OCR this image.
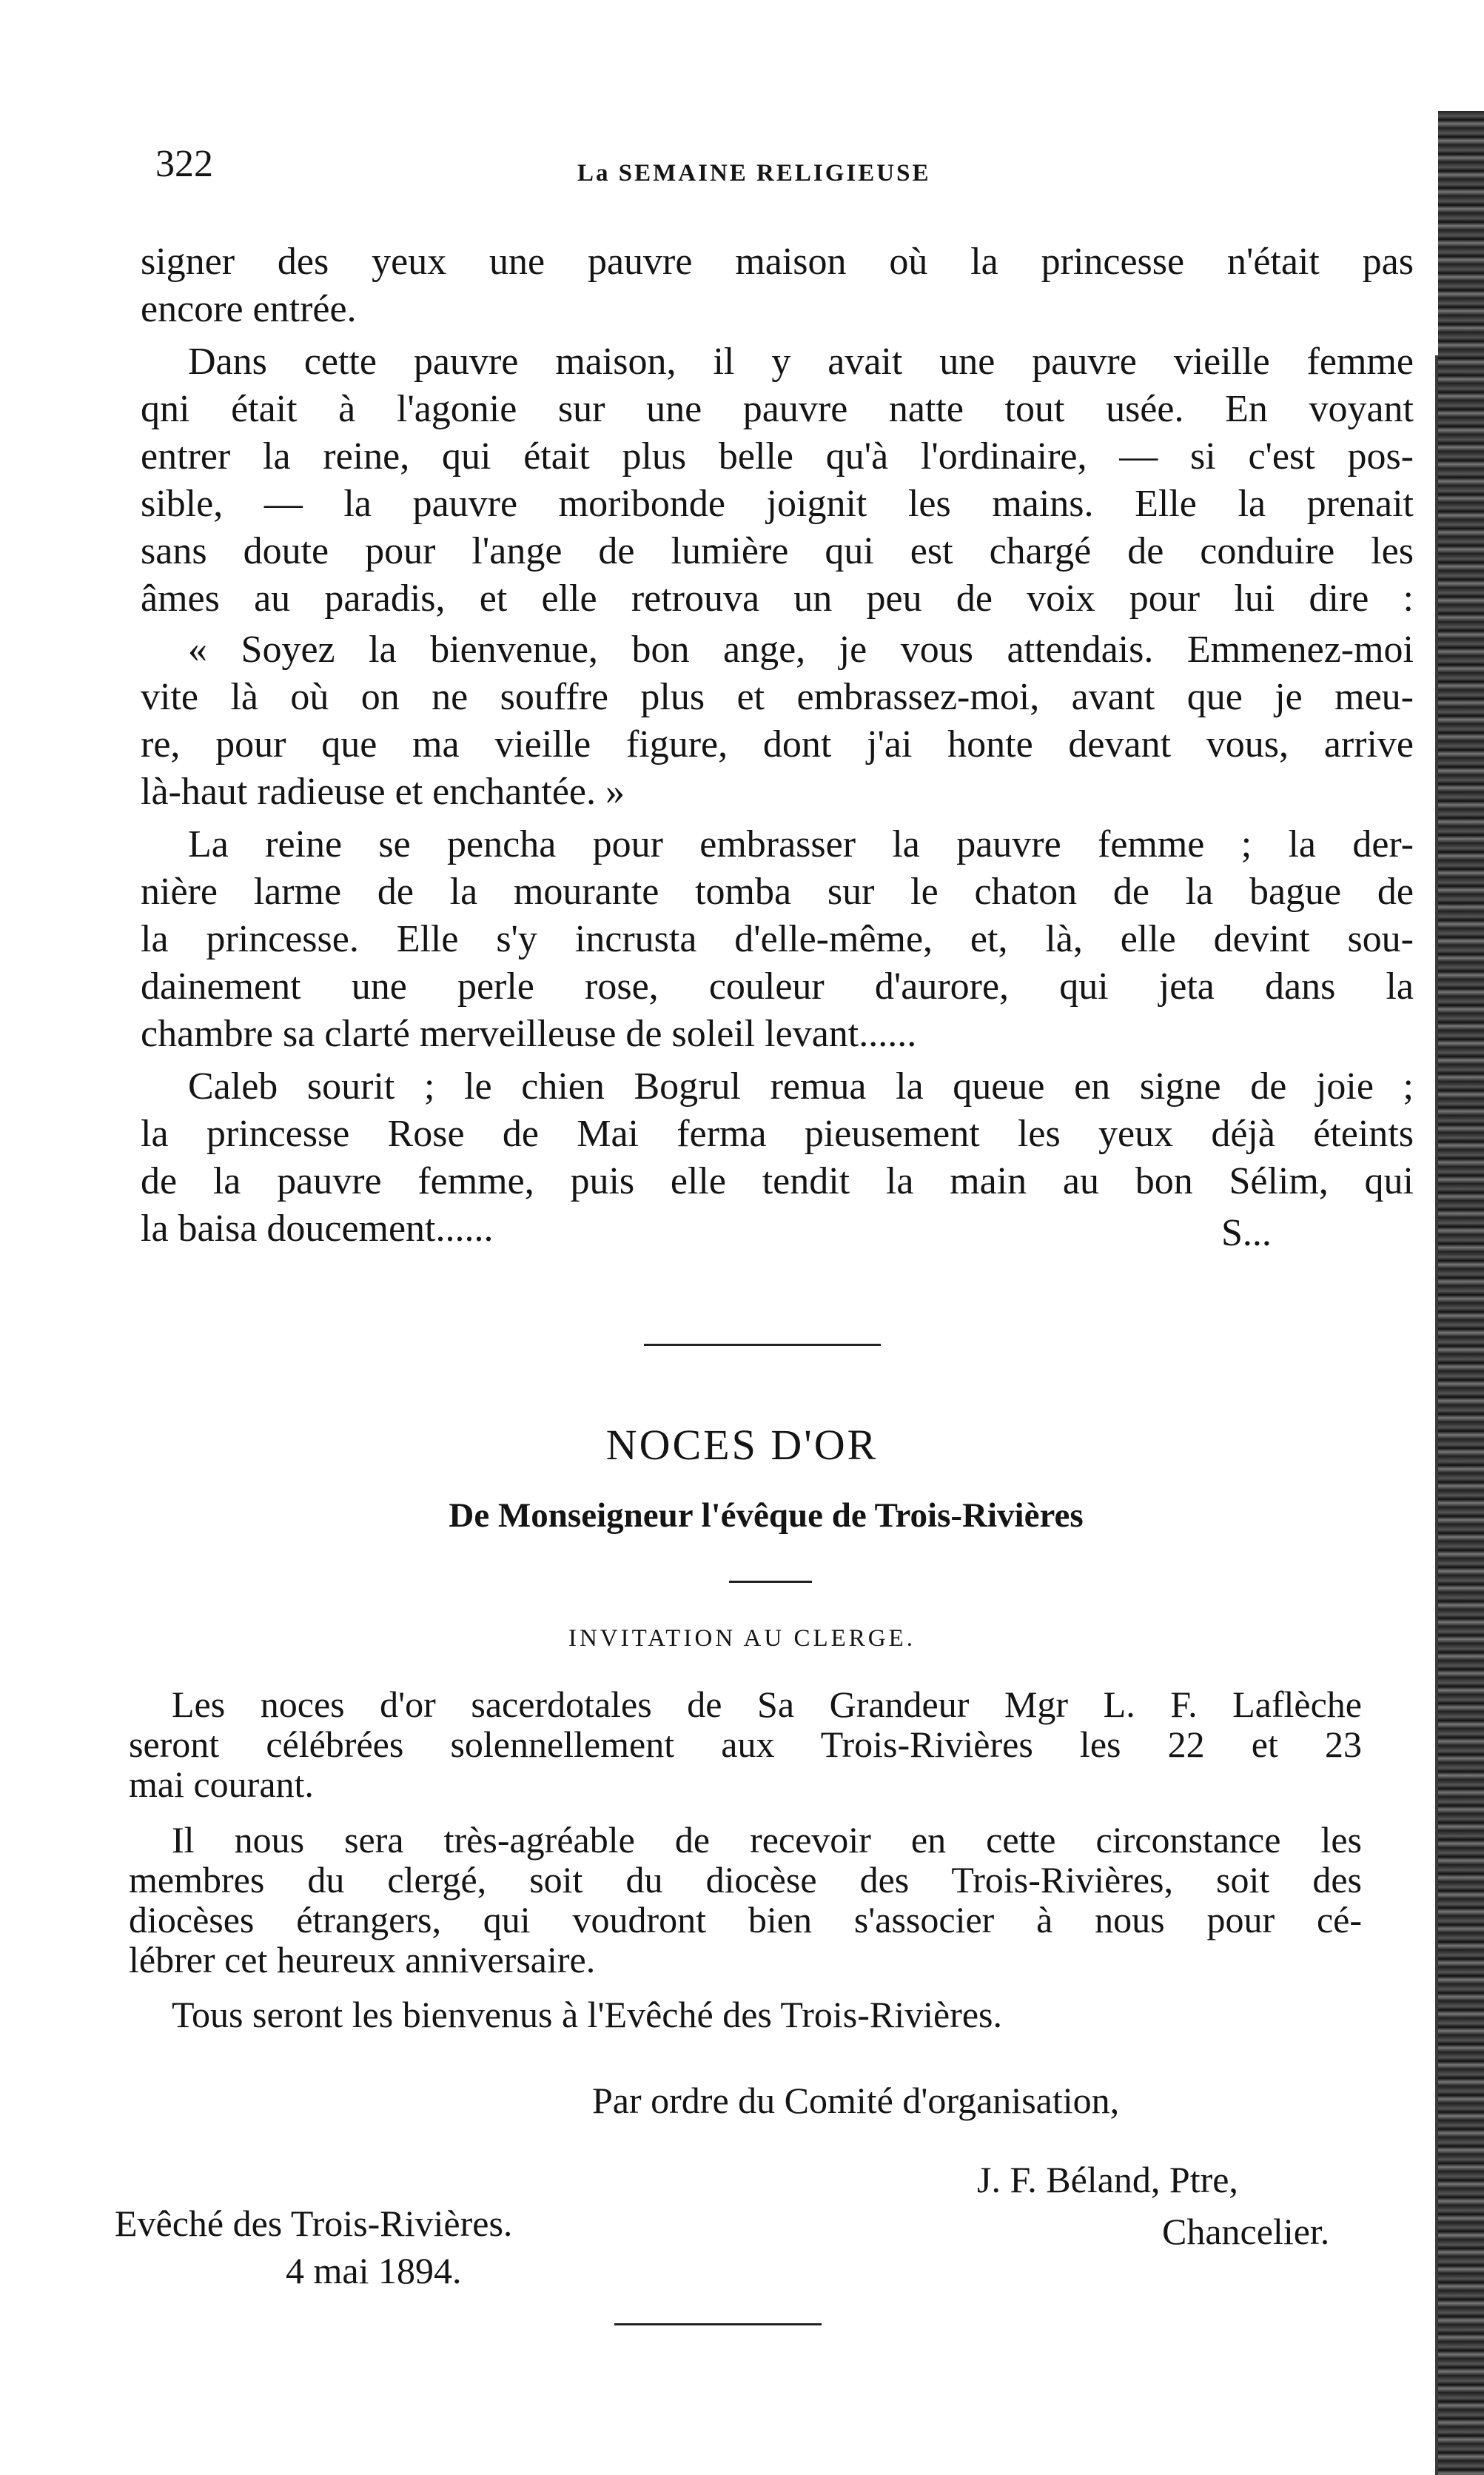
322	La SEMAINE RELIGIEUSE

signer des yeux une pauvre maison où la princesse n'était pas

encore entrée.

Dans cette pauvre maison, il y avait une pauvre vieille femme

qni était à l'agonie sur une pauvre natte tout usée. En voyant

entrer la reine, qui était plus belle qu'à l'ordinaire, — si c'est pos-

sible, — la pauvre moribonde joignit les mains. Elle la prenait

sans doute pour l'ange de lumière qui est chargé de conduire les

âmes au paradis, et elle retrouva un peu de voix pour lui dire :

« Soyez la bienvenue, bon ange, je vous attendais. Emmenez-moi

vite là où on ne souffre plus et embrassez-moi, avant que je meu-

re, pour que ma vieille figure, dont j'ai honte devant vous, arrive

là-haut radieuse et enchantée. »

La reine se pencha pour embrasser la pauvre femme ; la der-

nière larme de la mourante tomba sur le chaton de la bague de

la princesse. Elle s'y incrusta d'elle-même, et, là, elle devint sou-

dainement une perle rose, couleur d'aurore, qui jeta dans la

chambre sa clarté merveilleuse de soleil levant......

Caleb sourit ; le chien Bogrul remua la queue en signe de joie ;

la princesse Rose de Mai ferma pieusement les yeux déjà éteints

de la pauvre femme, puis elle tendit la main au bon Sélim, qui

la baisa doucement......	S...

NOCES D'OR
De Monseigneur l'évêque de Trois-Rivières
INVITATION AU CLERGE.

Les noces d'or sacerdotales de Sa Grandeur Mgr L. F. Laflèche

seront célébrées solennellement aux Trois-Rivières les 22 et 23

mai courant.

Il nous sera très-agréable de recevoir en cette circonstance les

membres du clergé, soit du diocèse des Trois-Rivières, soit des

diocèses étrangers, qui voudront bien s'associer à nous pour cé-

lébrer cet heureux anniversaire.

Tous seront les bienvenus à l'Evêché des Trois-Rivières.

Par ordre du Comité d'organisation,

J. F. Béland, Ptre,

Chancelier.

Evêché des Trois-Rivières.

4 mai 1894.
